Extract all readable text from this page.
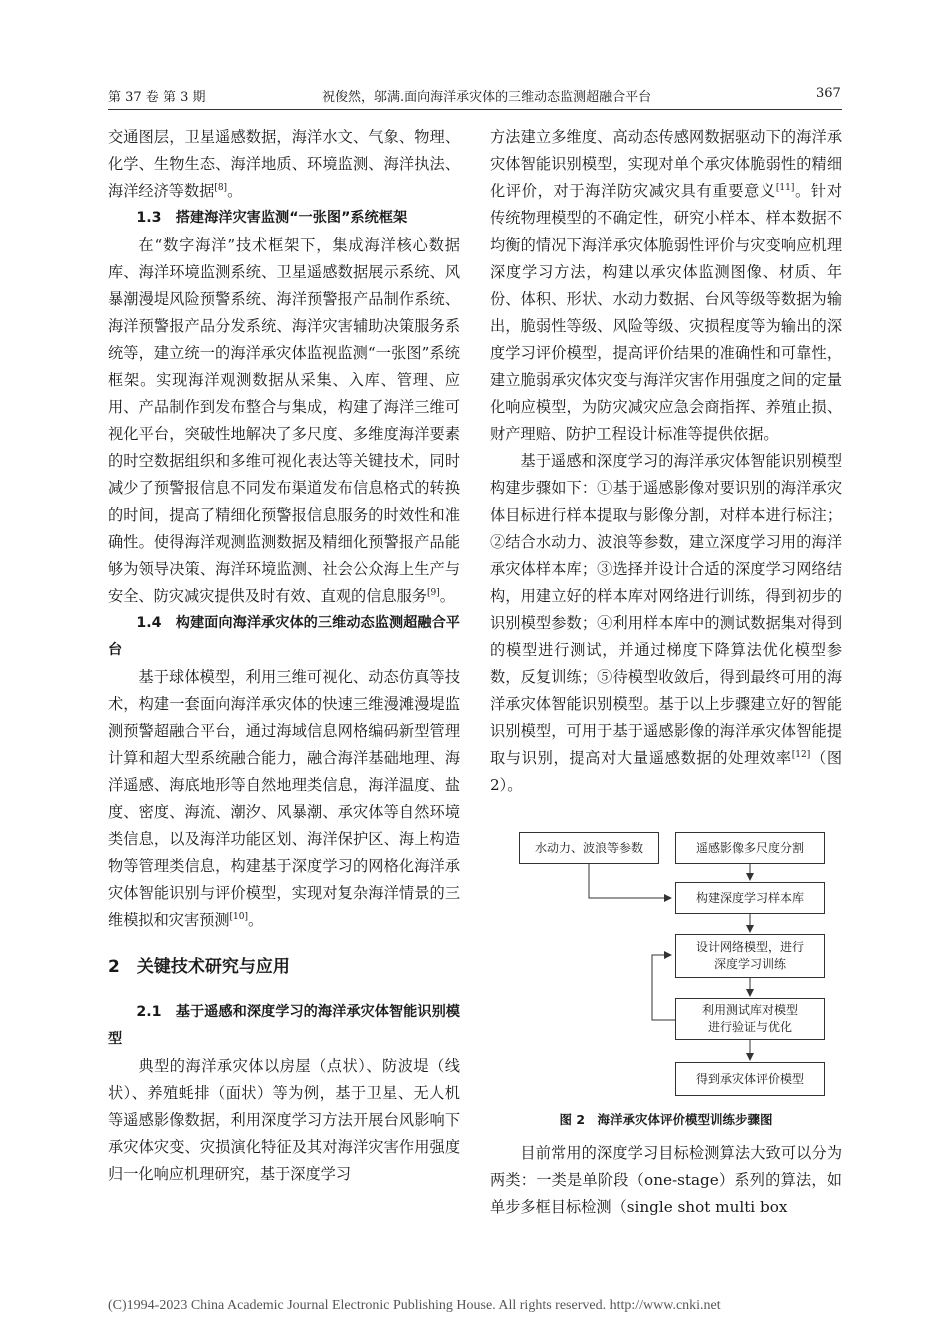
第 37 卷 第 3 期	祝俊然，邬满.面向海洋承灾体的三维动态监测超融合平台	367

交通图层，卫星遥感数据，海洋水文、气象、物理、化学、生物生态、海洋地质、环境监测、海洋执法、海洋经济等数据[8]。

1.3　搭建海洋灾害监测“一张图”系统框架

在“数字海洋”技术框架下，集成海洋核心数据库、海洋环境监测系统、卫星遥感数据展示系统、风暴潮漫堤风险预警系统、海洋预警报产品制作系统、海洋预警报产品分发系统、海洋灾害辅助决策服务系统等，建立统一的海洋承灾体监视监测“一张图”系统框架。实现海洋观测数据从采集、入库、管理、应用、产品制作到发布整合与集成，构建了海洋三维可视化平台，突破性地解决了多尺度、多维度海洋要素的时空数据组织和多维可视化表达等关键技术，同时减少了预警报信息不同发布渠道发布信息格式的转换的时间，提高了精细化预警报信息服务的时效性和准确性。使得海洋观测监测数据及精细化预警报产品能够为领导决策、海洋环境监测、社会公众海上生产与安全、防灾减灾提供及时有效、直观的信息服务[9]。

1.4　构建面向海洋承灾体的三维动态监测超融合平台

基于球体模型，利用三维可视化、动态仿真等技术，构建一套面向海洋承灾体的快速三维漫滩漫堤监测预警超融合平台，通过海域信息网格编码新型管理计算和超大型系统融合能力，融合海洋基础地理、海洋遥感、海底地形等自然地理类信息，海洋温度、盐度、密度、海流、潮汐、风暴潮、承灾体等自然环境类信息，以及海洋功能区划、海洋保护区、海上构造物等管理类信息，构建基于深度学习的网格化海洋承灾体智能识别与评价模型，实现对复杂海洋情景的三维模拟和灾害预测[10]。

2　关键技术研究与应用

2.1　基于遥感和深度学习的海洋承灾体智能识别模型

典型的海洋承灾体以房屋（点状）、防波堤（线状）、养殖蚝排（面状）等为例，基于卫星、无人机等遥感影像数据，利用深度学习方法开展台风影响下承灾体灾变、灾损演化特征及其对海洋灾害作用强度归一化响应机理研究，基于深度学习

方法建立多维度、高动态传感网数据驱动下的海洋承灾体智能识别模型，实现对单个承灾体脆弱性的精细化评价，对于海洋防灾减灾具有重要意义[11]。针对传统物理模型的不确定性，研究小样本、样本数据不均衡的情况下海洋承灾体脆弱性评价与灾变响应机理深度学习方法，构建以承灾体监测图像、材质、年份、体积、形状、水动力数据、台风等级等数据为输出，脆弱性等级、风险等级、灾损程度等为输出的深度学习评价模型，提高评价结果的准确性和可靠性，建立脆弱承灾体灾变与海洋灾害作用强度之间的定量化响应模型，为防灾减灾应急会商指挥、养殖止损、财产理赔、防护工程设计标准等提供依据。

基于遥感和深度学习的海洋承灾体智能识别模型构建步骤如下：①基于遥感影像对要识别的海洋承灾体目标进行样本提取与影像分割，对样本进行标注；②结合水动力、波浪等参数，建立深度学习用的海洋承灾体样本库；③选择并设计合适的深度学习网络结构，用建立好的样本库对网络进行训练，得到初步的识别模型参数；④利用样本库中的测试数据集对得到的模型进行测试，并通过梯度下降算法优化模型参数，反复训练；⑤待模型收敛后，得到最终可用的海洋承灾体智能识别模型。基于以上步骤建立好的智能识别模型，可用于基于遥感影像的海洋承灾体智能提取与识别，提高对大量遥感数据的处理效率[12]（图 2）。

水动力、波浪等参数	遥感影像多尺度分割
构建深度学习样本库
设计网络模型，进行
深度学习训练
利用测试库对模型
进行验证与优化
得到承灾体评价模型
图 2　海洋承灾体评价模型训练步骤图

目前常用的深度学习目标检测算法大致可以分为两类：一类是单阶段（one-stage）系列的算法，如单步多框目标检测（single shot multi box

(C)1994-2023 China Academic Journal Electronic Publishing House. All rights reserved. http://www.cnki.net
